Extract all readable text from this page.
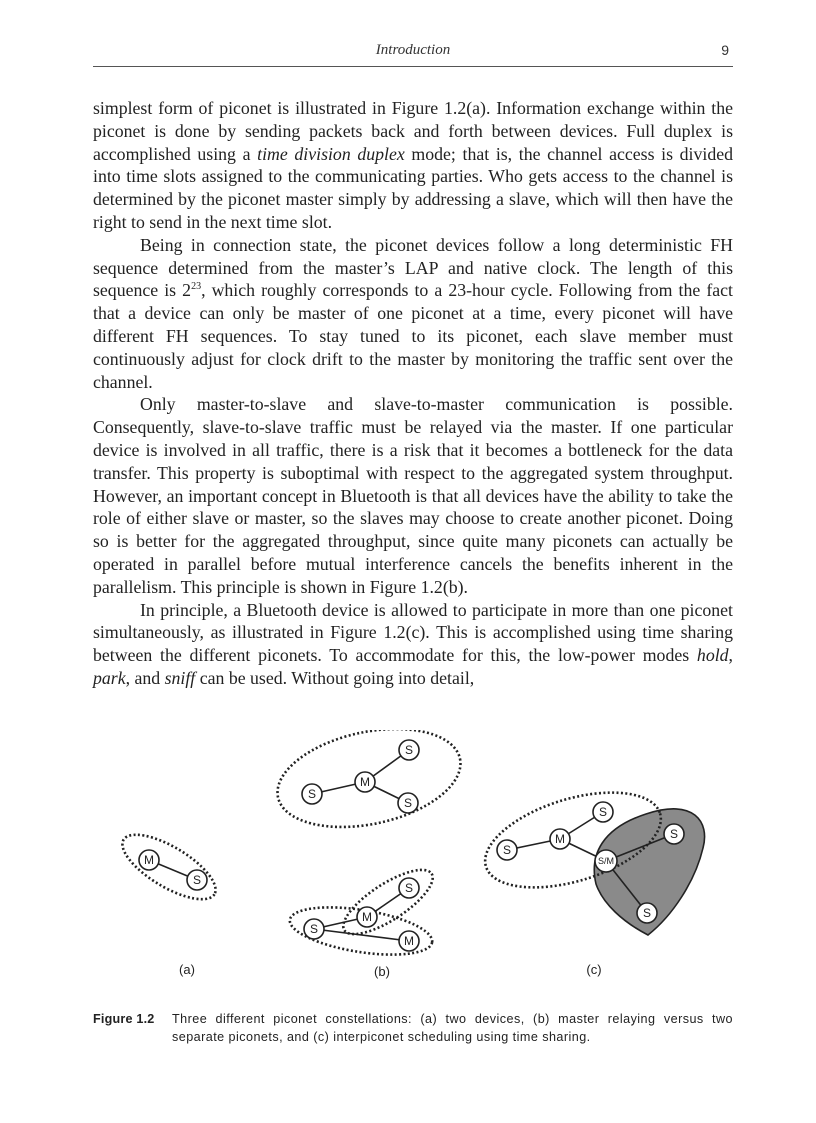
Introduction	9

simplest form of piconet is illustrated in Figure 1.2(a). Information exchange within the piconet is done by sending packets back and forth between devices. Full duplex is accomplished using a time division duplex mode; that is, the channel access is divided into time slots assigned to the communicating parties. Who gets access to the channel is determined by the piconet master simply by addressing a slave, which will then have the right to send in the next time slot.

Being in connection state, the piconet devices follow a long deterministic FH sequence determined from the master’s LAP and native clock. The length of this sequence is $2^{23}$, which roughly corresponds to a 23-hour cycle. Following from the fact that a device can only be master of one piconet at a time, every piconet will have different FH sequences. To stay tuned to its piconet, each slave member must continuously adjust for clock drift to the master by monitoring the traffic sent over the channel.

Only master-to-slave and slave-to-master communication is possible. Consequently, slave-to-slave traffic must be relayed via the master. If one particular device is involved in all traffic, there is a risk that it becomes a bottleneck for the data transfer. This property is suboptimal with respect to the aggregated system throughput. However, an important concept in Bluetooth is that all devices have the ability to take the role of either slave or master, so the slaves may choose to create another piconet. Doing so is better for the aggregated throughput, since quite many piconets can actually be operated in parallel before mutual interference cancels the benefits inherent in the parallelism. This principle is shown in Figure 1.2(b).

In principle, a Bluetooth device is allowed to participate in more than one piconet simultaneously, as illustrated in Figure 1.2(c). This is accomplished using time sharing between the different piconets. To accommodate for this, the low-power modes hold, park, and sniff can be used. Without going into detail,

M
S
(a)
M
S
S
S
S
M
S
M
(b)
S
M
S
S/M
S
S
(c)
Figure 1.2 Three different piconet constellations: (a) two devices, (b) master relaying versus two separate piconets, and (c) interpiconet scheduling using time sharing.
